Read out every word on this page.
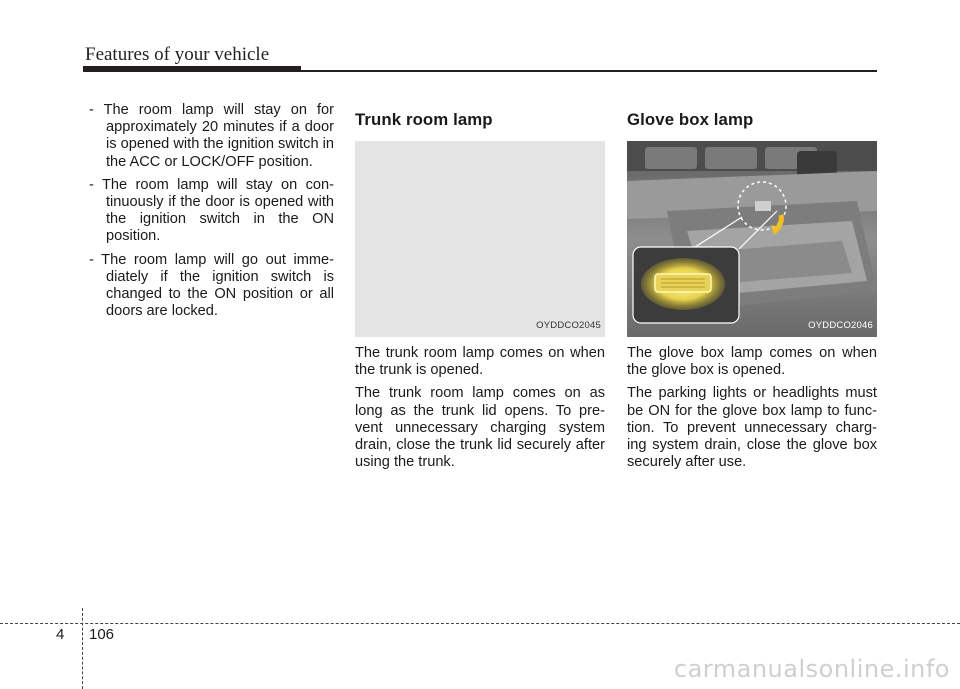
Features of your vehicle

- The room lamp will stay on for approximately 20 minutes if a door is opened with the ignition switch in the ACC or LOCK/OFF position.

- The room lamp will stay on con- tinuously if the door is opened with the ignition switch in the ON position.

- The room lamp will go out imme- diately if the ignition switch is changed to the ON position or all doors are locked.

Trunk room lamp
OYDDCO2045

The trunk room lamp comes on when the trunk is opened.

The trunk room lamp comes on as long as the trunk lid opens. To pre- vent unnecessary charging system drain, close the trunk lid securely after using the trunk.

Glove box lamp
OYDDCO2046

The glove box lamp comes on when the glove box is opened.

The parking lights or headlights must be ON for the glove box lamp to func- tion. To prevent unnecessary charg- ing system drain, close the glove box securely after use.

4 106
carmanualsonline.info
